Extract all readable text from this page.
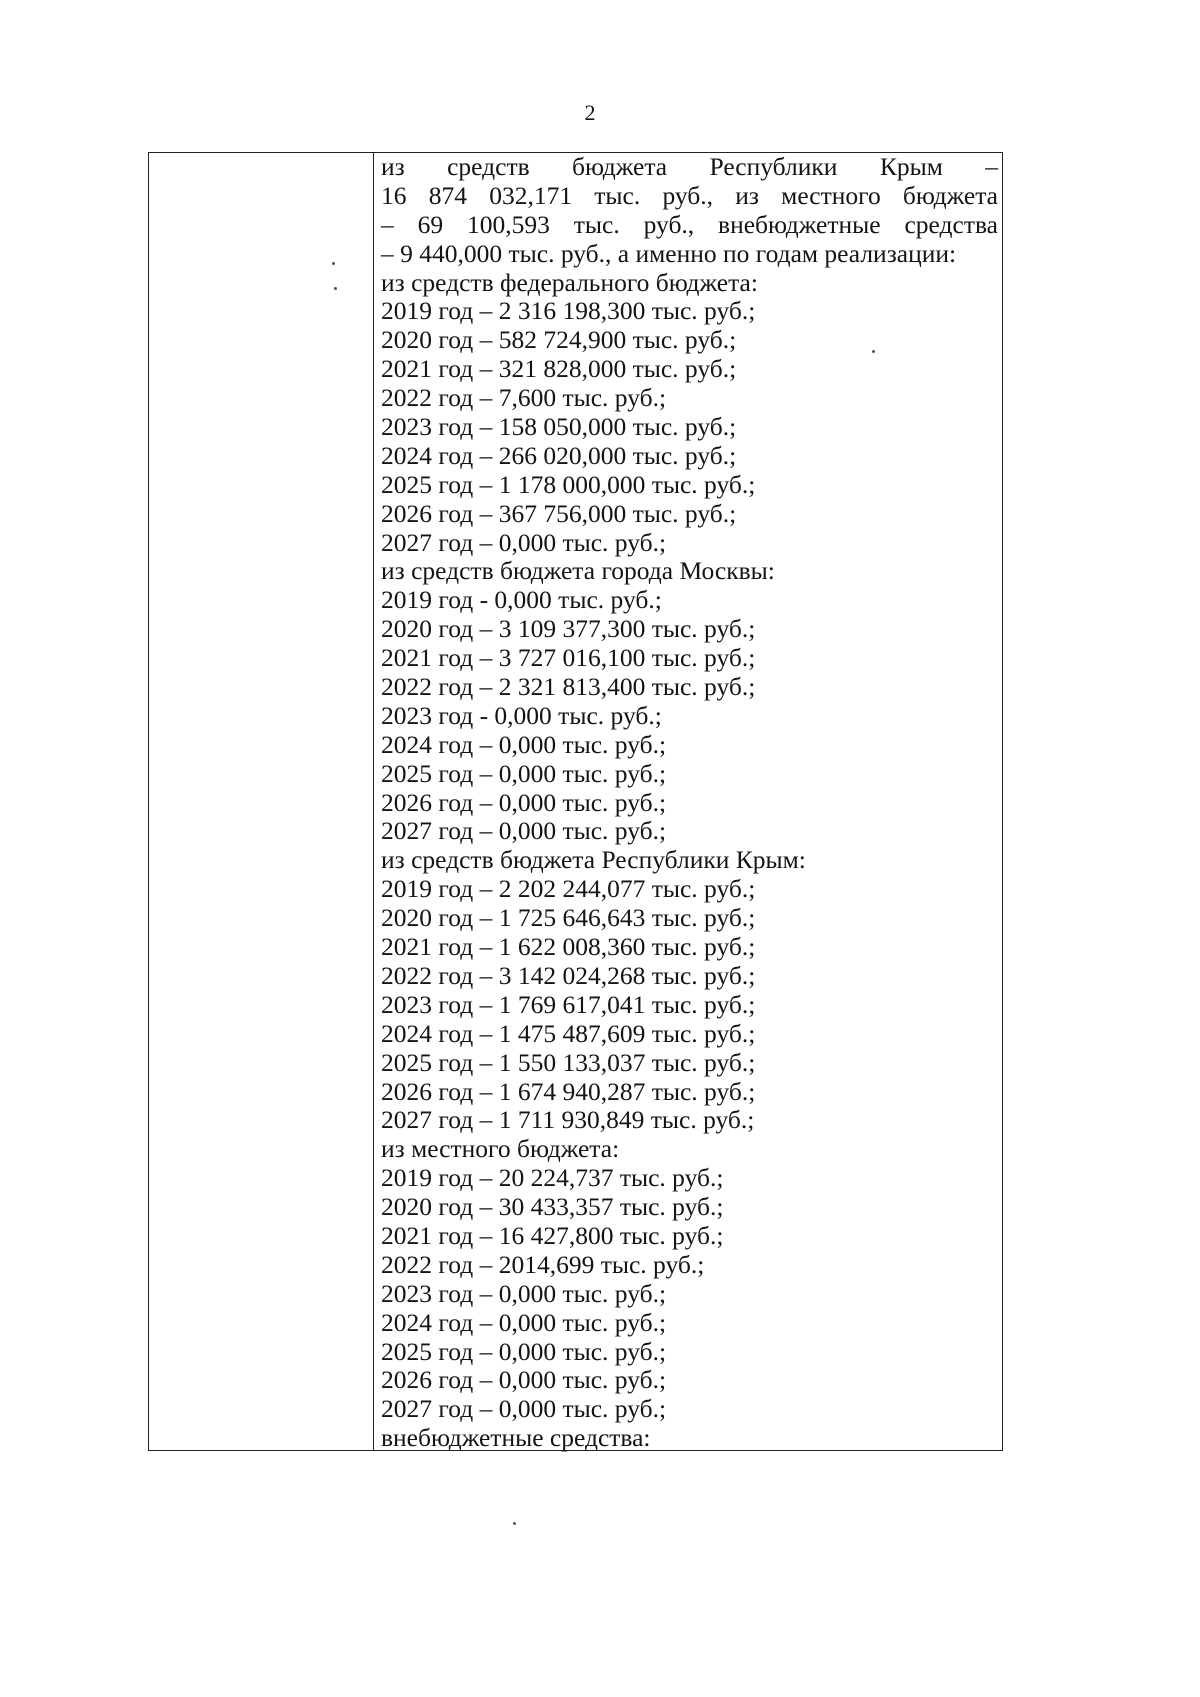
2
из средств бюджета Республики Крым –
16 874 032,171 тыс. руб., из местного бюджета
– 69 100,593 тыс. руб., внебюджетные средства
– 9 440,000 тыс. руб., а именно по годам реализации:
из средств федерального бюджета:
2019 год – 2 316 198,300 тыс. руб.;
2020 год – 582 724,900 тыс. руб.;
2021 год – 321 828,000 тыс. руб.;
2022 год – 7,600 тыс. руб.;
2023 год – 158 050,000 тыс. руб.;
2024 год – 266 020,000 тыс. руб.;
2025 год – 1 178 000,000 тыс. руб.;
2026 год – 367 756,000 тыс. руб.;
2027 год – 0,000 тыс. руб.;
из средств бюджета города Москвы:
2019 год - 0,000 тыс. руб.;
2020 год – 3 109 377,300 тыс. руб.;
2021 год – 3 727 016,100 тыс. руб.;
2022 год – 2 321 813,400 тыс. руб.;
2023 год - 0,000 тыс. руб.;
2024 год – 0,000 тыс. руб.;
2025 год – 0,000 тыс. руб.;
2026 год – 0,000 тыс. руб.;
2027 год – 0,000 тыс. руб.;
из средств бюджета Республики Крым:
2019 год – 2 202 244,077 тыс. руб.;
2020 год – 1 725 646,643 тыс. руб.;
2021 год – 1 622 008,360 тыс. руб.;
2022 год – 3 142 024,268 тыс. руб.;
2023 год – 1 769 617,041 тыс. руб.;
2024 год – 1 475 487,609 тыс. руб.;
2025 год – 1 550 133,037 тыс. руб.;
2026 год – 1 674 940,287 тыс. руб.;
2027 год – 1 711 930,849 тыс. руб.;
из местного бюджета:
2019 год – 20 224,737 тыс. руб.;
2020 год – 30 433,357 тыс. руб.;
2021 год – 16 427,800 тыс. руб.;
2022 год – 2014,699 тыс. руб.;
2023 год – 0,000 тыс. руб.;
2024 год – 0,000 тыс. руб.;
2025 год – 0,000 тыс. руб.;
2026 год – 0,000 тыс. руб.;
2027 год – 0,000 тыс. руб.;
внебюджетные средства:
